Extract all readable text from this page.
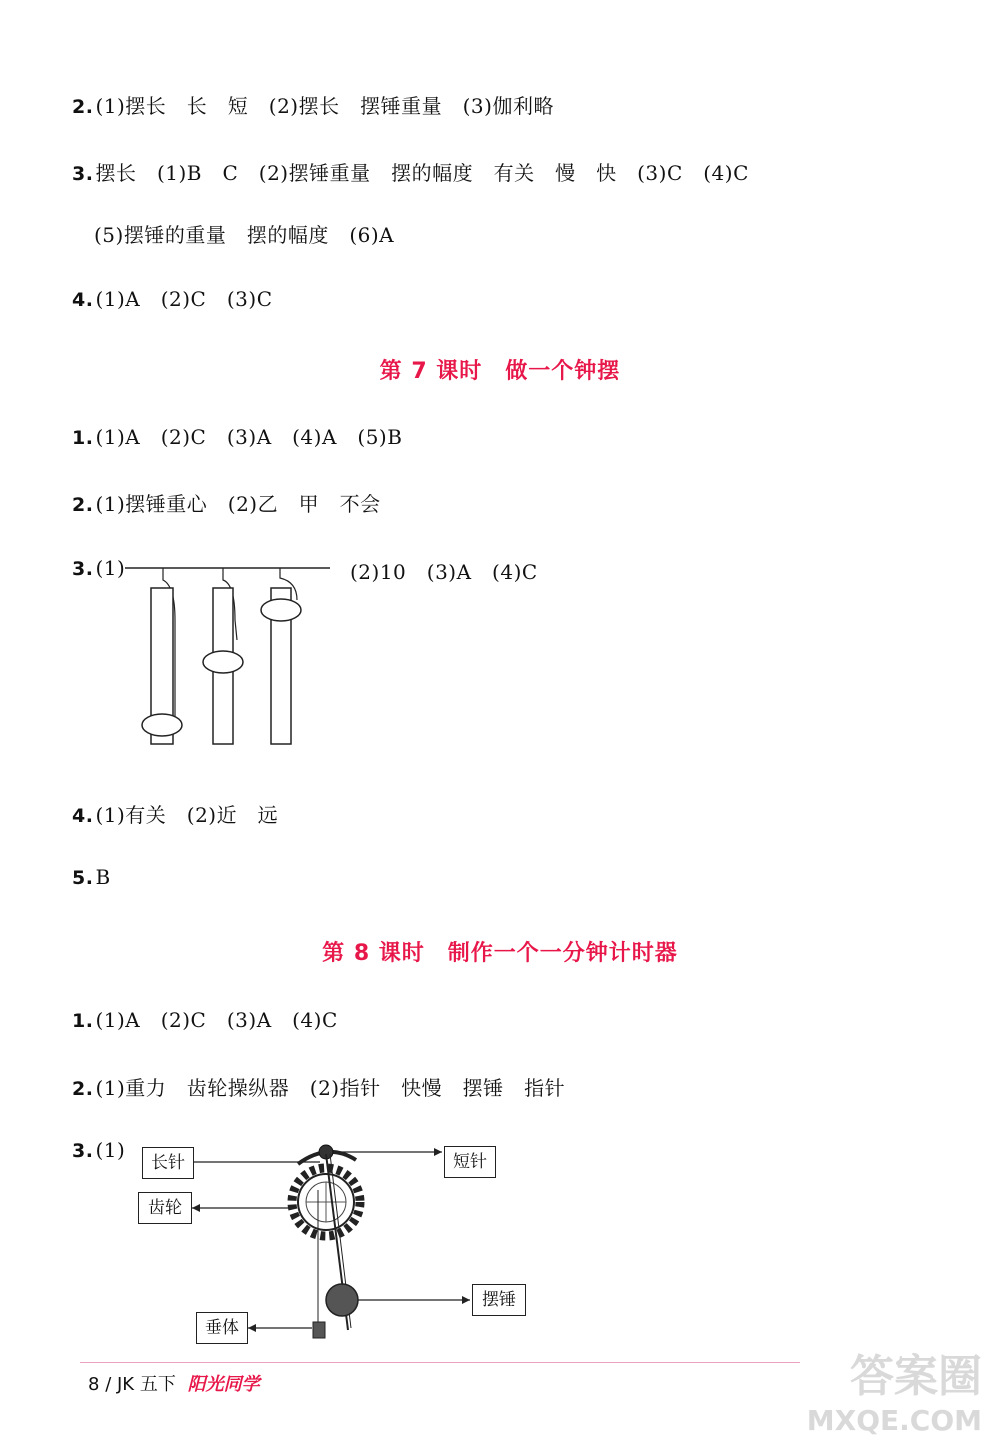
2. (1)摆长　长　短　(2)摆长　摆锤重量　(3)伽利略
3. 摆长　(1)B　C　(2)摆锤重量　摆的幅度　有关　慢　快　(3)C　(4)C
(5)摆锤的重量　摆的幅度　(6)A
4. (1)A　(2)C　(3)C
第 7 课时　做一个钟摆
1. (1)A　(2)C　(3)A　(4)A　(5)B
2. (1)摆锤重心　(2)乙　甲　不会
3. (1)	(2)10　(3)A　(4)C
4. (1)有关　(2)近　远
5. B
第 8 课时　制作一个一分钟计时器
1. (1)A　(2)C　(3)A　(4)C
2. (1)重力　齿轮操纵器　(2)指针　快慢　摆锤　指针
3. (1)
长针
齿轮
短针
摆锤
垂体
8 / JK 五下 阳光同学	答案圈
MXQE.COM
